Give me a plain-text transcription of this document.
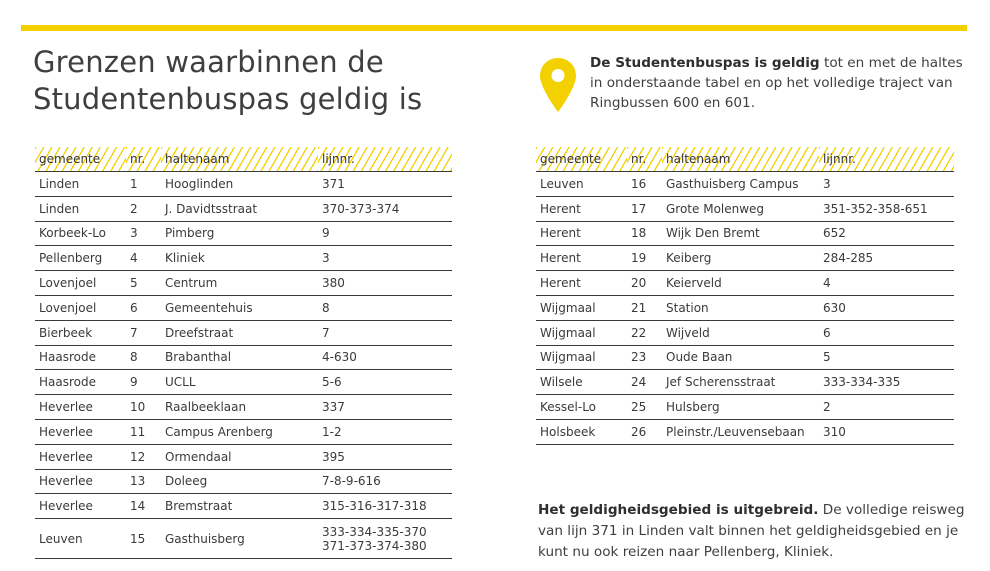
Grenzen waarbinnen de
Studentenbuspas geldig is
De Studentenbuspas is geldig tot en met de haltes in onderstaande tabel en op het volledige traject van Ringbussen 600 en 601.
gemeente	nr.	haltenaam	lijnnr.
Linden	1	Hooglinden	371
Linden	2	J. Davidtsstraat	370-373-374
Korbeek-Lo	3	Pimberg	9
Pellenberg	4	Kliniek	3
Lovenjoel	5	Centrum	380
Lovenjoel	6	Gemeentehuis	8
Bierbeek	7	Dreefstraat	7
Haasrode	8	Brabanthal	4-630
Haasrode	9	UCLL	5-6
Heverlee	10	Raalbeeklaan	337
Heverlee	11	Campus Arenberg	1-2
Heverlee	12	Ormendaal	395
Heverlee	13	Doleeg	7-8-9-616
Heverlee	14	Bremstraat	315-316-317-318
Leuven	15	Gasthuisberg	333-334-335-370
371-373-374-380
gemeente	nr.	haltenaam	lijnnr.
Leuven	16	Gasthuisberg Campus	3
Herent	17	Grote Molenweg	351-352-358-651
Herent	18	Wijk Den Bremt	652
Herent	19	Keiberg	284-285
Herent	20	Keierveld	4
Wijgmaal	21	Station	630
Wijgmaal	22	Wijveld	6
Wijgmaal	23	Oude Baan	5
Wilsele	24	Jef Scherensstraat	333-334-335
Kessel-Lo	25	Hulsberg	2
Holsbeek	26	Pleinstr./Leuvensebaan	310
Het geldigheidsgebied is uitgebreid. De volledige reisweg van lijn 371 in Linden valt binnen het geldigheidsgebied en je kunt nu ook reizen naar Pellenberg, Kliniek.
